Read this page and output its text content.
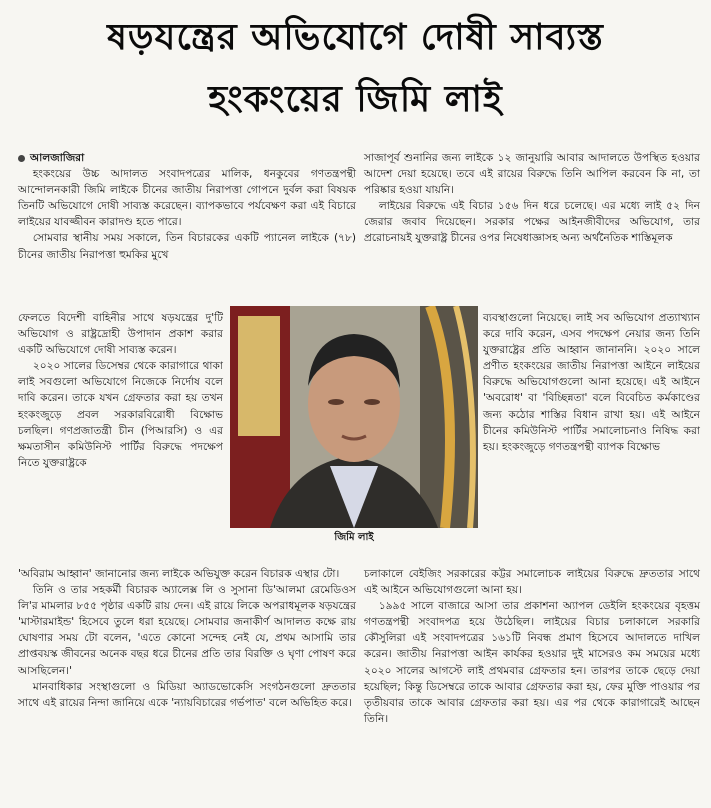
ষড়যন্ত্রের অভিযোগে দোষী সাব্যস্ত
হংকংয়ের জিমি লাই

আলজাজিরা

হংকংয়ের উচ্চ আদালত সংবাদপত্রের মালিক, ধনকুবের গণতন্ত্রপন্থী আন্দোলনকারী জিমি লাইকে চীনের জাতীয় নিরাপত্তা গোপনে দুর্বল করা বিষয়ক তিনটি অভিযোগে দোষী সাব্যস্ত করেছেন। ব্যাপকভাবে পর্যবেক্ষণ করা এই বিচারে লাইয়ের যাবজ্জীবন কারাদণ্ড হতে পারে।

সোমবার স্থানীয় সময় সকালে, তিন বিচারকের একটি প্যানেল লাইকে (৭৮) চীনের জাতীয় নিরাপত্তা হুমকির মুখে

ফেলতে বিদেশী বাহিনীর সাথে ষড়যন্ত্রের দু'টি অভিযোগ ও রাষ্ট্রদ্রোহী উপাদান প্রকাশ করার একটি অভিযোগে দোষী সাব্যস্ত করেন।

২০২০ সালের ডিসেম্বর থেকে কারাগারে থাকা লাই সবগুলো অভিযোগে নিজেকে নির্দোষ বলে দাবি করেন। তাকে যখন গ্রেফতার করা হয় তখন হংকংজুড়ে প্রবল সরকারবিরোধী বিক্ষোভ চলছিল। গণপ্রজাতন্ত্রী চীন (পিআরসি) ও এর ক্ষমতাসীন কমিউনিস্ট পার্টির বিরুদ্ধে পদক্ষেপ নিতে যুক্তরাষ্ট্রকে

'অবিরাম আহ্বান' জানানোর জন্য লাইকে অভিযুক্ত করেন বিচারক এস্থার টো।

তিনি ও তার সহকর্মী বিচারক অ্যালেক্স লি ও সুসানা ডি'আলমা রেমেডিওস লি'র মামলার ৮৫৫ পৃষ্ঠার একটি রায় দেন। এই রায়ে লিকে অপরাধমূলক ষড়যন্ত্রের 'মাস্টারমাইন্ড' হিসেবে তুলে ধরা হয়েছে। সোমবার জনাকীর্ণ আদালত কক্ষে রায় ঘোষণার সময় টো বলেন, 'এতে কোনো সন্দেহ নেই যে, প্রথম আসামি তার প্রাপ্তবয়স্ক জীবনের অনেক বছর ধরে চীনের প্রতি তার বিরক্তি ও ঘৃণা পোষণ করে আসছিলেন।'

মানবাধিকার সংস্থাগুলো ও মিডিয়া অ্যাডভোকেসি সংগঠনগুলো দ্রুততার সাথে এই রায়ের নিন্দা জানিয়ে একে 'ন্যায়বিচারের গর্ভপাত' বলে অভিহিত করে।

সাজাপূর্ব শুনানির জন্য লাইকে ১২ জানুয়ারি আবার আদালতে উপস্থিত হওয়ার আদেশ দেয়া হয়েছে। তবে এই রায়ের বিরুদ্ধে তিনি আপিল করবেন কি না, তা পরিষ্কার হওয়া যায়নি।

লাইয়ের বিরুদ্ধে এই বিচার ১৫৬ দিন ধরে চলেছে। এর মধ্যে লাই ৫২ দিন জেরার জবাব দিয়েছেন। সরকার পক্ষের আইনজীবীদের অভিযোগ, তার প্ররোচনায়ই যুক্তরাষ্ট্র চীনের ওপর নিষেধাজ্ঞাসহ অন্য অর্থনৈতিক শাস্তিমূলক

ব্যবস্থাগুলো নিয়েছে। লাই সব অভিযোগ প্রত্যাখ্যান করে দাবি করেন, এসব পদক্ষেপ নেয়ার জন্য তিনি যুক্তরাষ্ট্রের প্রতি আহ্বান জানাননি। ২০২০ সালে প্রণীত হংকংয়ের জাতীয় নিরাপত্তা আইনে লাইয়ের বিরুদ্ধে অভিযোগগুলো আনা হয়েছে। এই আইনে 'অবরোধ' বা 'বিচ্ছিন্নতা' বলে বিবেচিত কর্মকাণ্ডের জন্য কঠোর শাস্তির বিধান রাখা হয়। এই আইনে চীনের কমিউনিস্ট পার্টির সমালোচনাও নিষিদ্ধ করা হয়। হংকংজুড়ে গণতন্ত্রপন্থী ব্যাপক বিক্ষোভ

চলাকালে বেইজিং সরকারের কট্টর সমালোচক লাইয়ের বিরুদ্ধে দ্রুততার সাথে এই আইনে অভিযোগগুলো আনা হয়।

১৯৯৫ সালে বাজারে আসা তার প্রকাশনা অ্যাপল ডেইলি হংকংয়ের বৃহত্তম গণতন্ত্রপন্থী সংবাদপত্র হয়ে উঠেছিল। লাইয়ের বিচার চলাকালে সরকারি কৌসুলিরা এই সংবাদপত্রের ১৬১টি নিবন্ধ প্রমাণ হিসেবে আদালতে দাখিল করেন। জাতীয় নিরাপত্তা আইন কার্যকর হওয়ার দুই মাসেরও কম সময়ের মধ্যে ২০২০ সালের আগস্টে লাই প্রথমবার গ্রেফতার হন। তারপর তাকে ছেড়ে দেয়া হয়েছিল; কিন্তু ডিসেম্বরে তাকে আবার গ্রেফতার করা হয়, ফের মুক্তি পাওয়ার পর তৃতীয়বার তাকে আবার গ্রেফতার করা হয়। এর পর থেকে কারাগারেই আছেন তিনি।

জিমি লাই
